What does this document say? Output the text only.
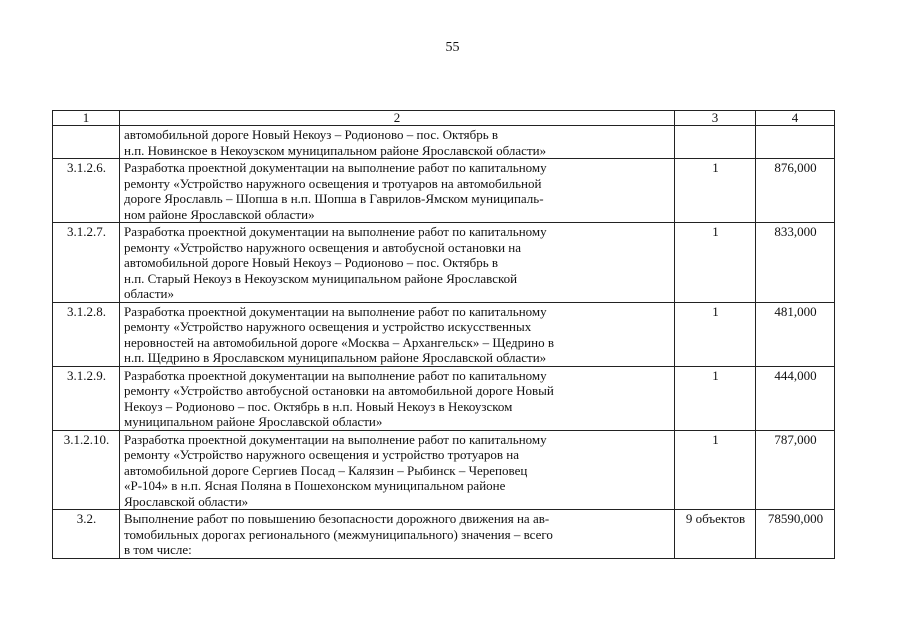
55
1	2	3	4

	автомобильной дороге Новый Некоуз – Родионово – пос. Октябрь в
н.п. Новинское в Некоузском муниципальном районе Ярославской области»		

3.1.2.6.	Разработка проектной документации на выполнение работ по капитальному
ремонту «Устройство наружного освещения и тротуаров на автомобильной
дороге Ярославль – Шопша в н.п. Шопша в Гаврилов-Ямском муниципаль-
ном районе Ярославской области»	1	876,000
3.1.2.7.	Разработка проектной документации на выполнение работ по капитальному
ремонту «Устройство наружного освещения и автобусной остановки на
автомобильной дороге Новый Некоуз – Родионово – пос. Октябрь в
н.п. Старый Некоуз в Некоузском муниципальном районе Ярославской
области»	1	833,000
3.1.2.8.	Разработка проектной документации на выполнение работ по капитальному
ремонту «Устройство наружного освещения и устройство искусственных
неровностей на автомобильной дороге «Москва – Архангельск» – Щедрино в
н.п. Щедрино в Ярославском муниципальном районе Ярославской области»	1	481,000
3.1.2.9.	Разработка проектной документации на выполнение работ по капитальному
ремонту «Устройство автобусной остановки на автомобильной дороге Новый
Некоуз – Родионово – пос. Октябрь в н.п. Новый Некоуз в Некоузском
муниципальном районе Ярославской области»	1	444,000
3.1.2.10.	Разработка проектной документации на выполнение работ по капитальному
ремонту «Устройство наружного освещения и устройство тротуаров на
автомобильной дороге Сергиев Посад – Калязин – Рыбинск – Череповец
«Р-104» в н.п. Ясная Поляна в Пошехонском муниципальном районе
Ярославской области»	1	787,000
3.2.	Выполнение работ по повышению безопасности дорожного движения на ав-
томобильных дорогах регионального (межмуниципального) значения – всего
в том числе:	9 объектов	78590,000
